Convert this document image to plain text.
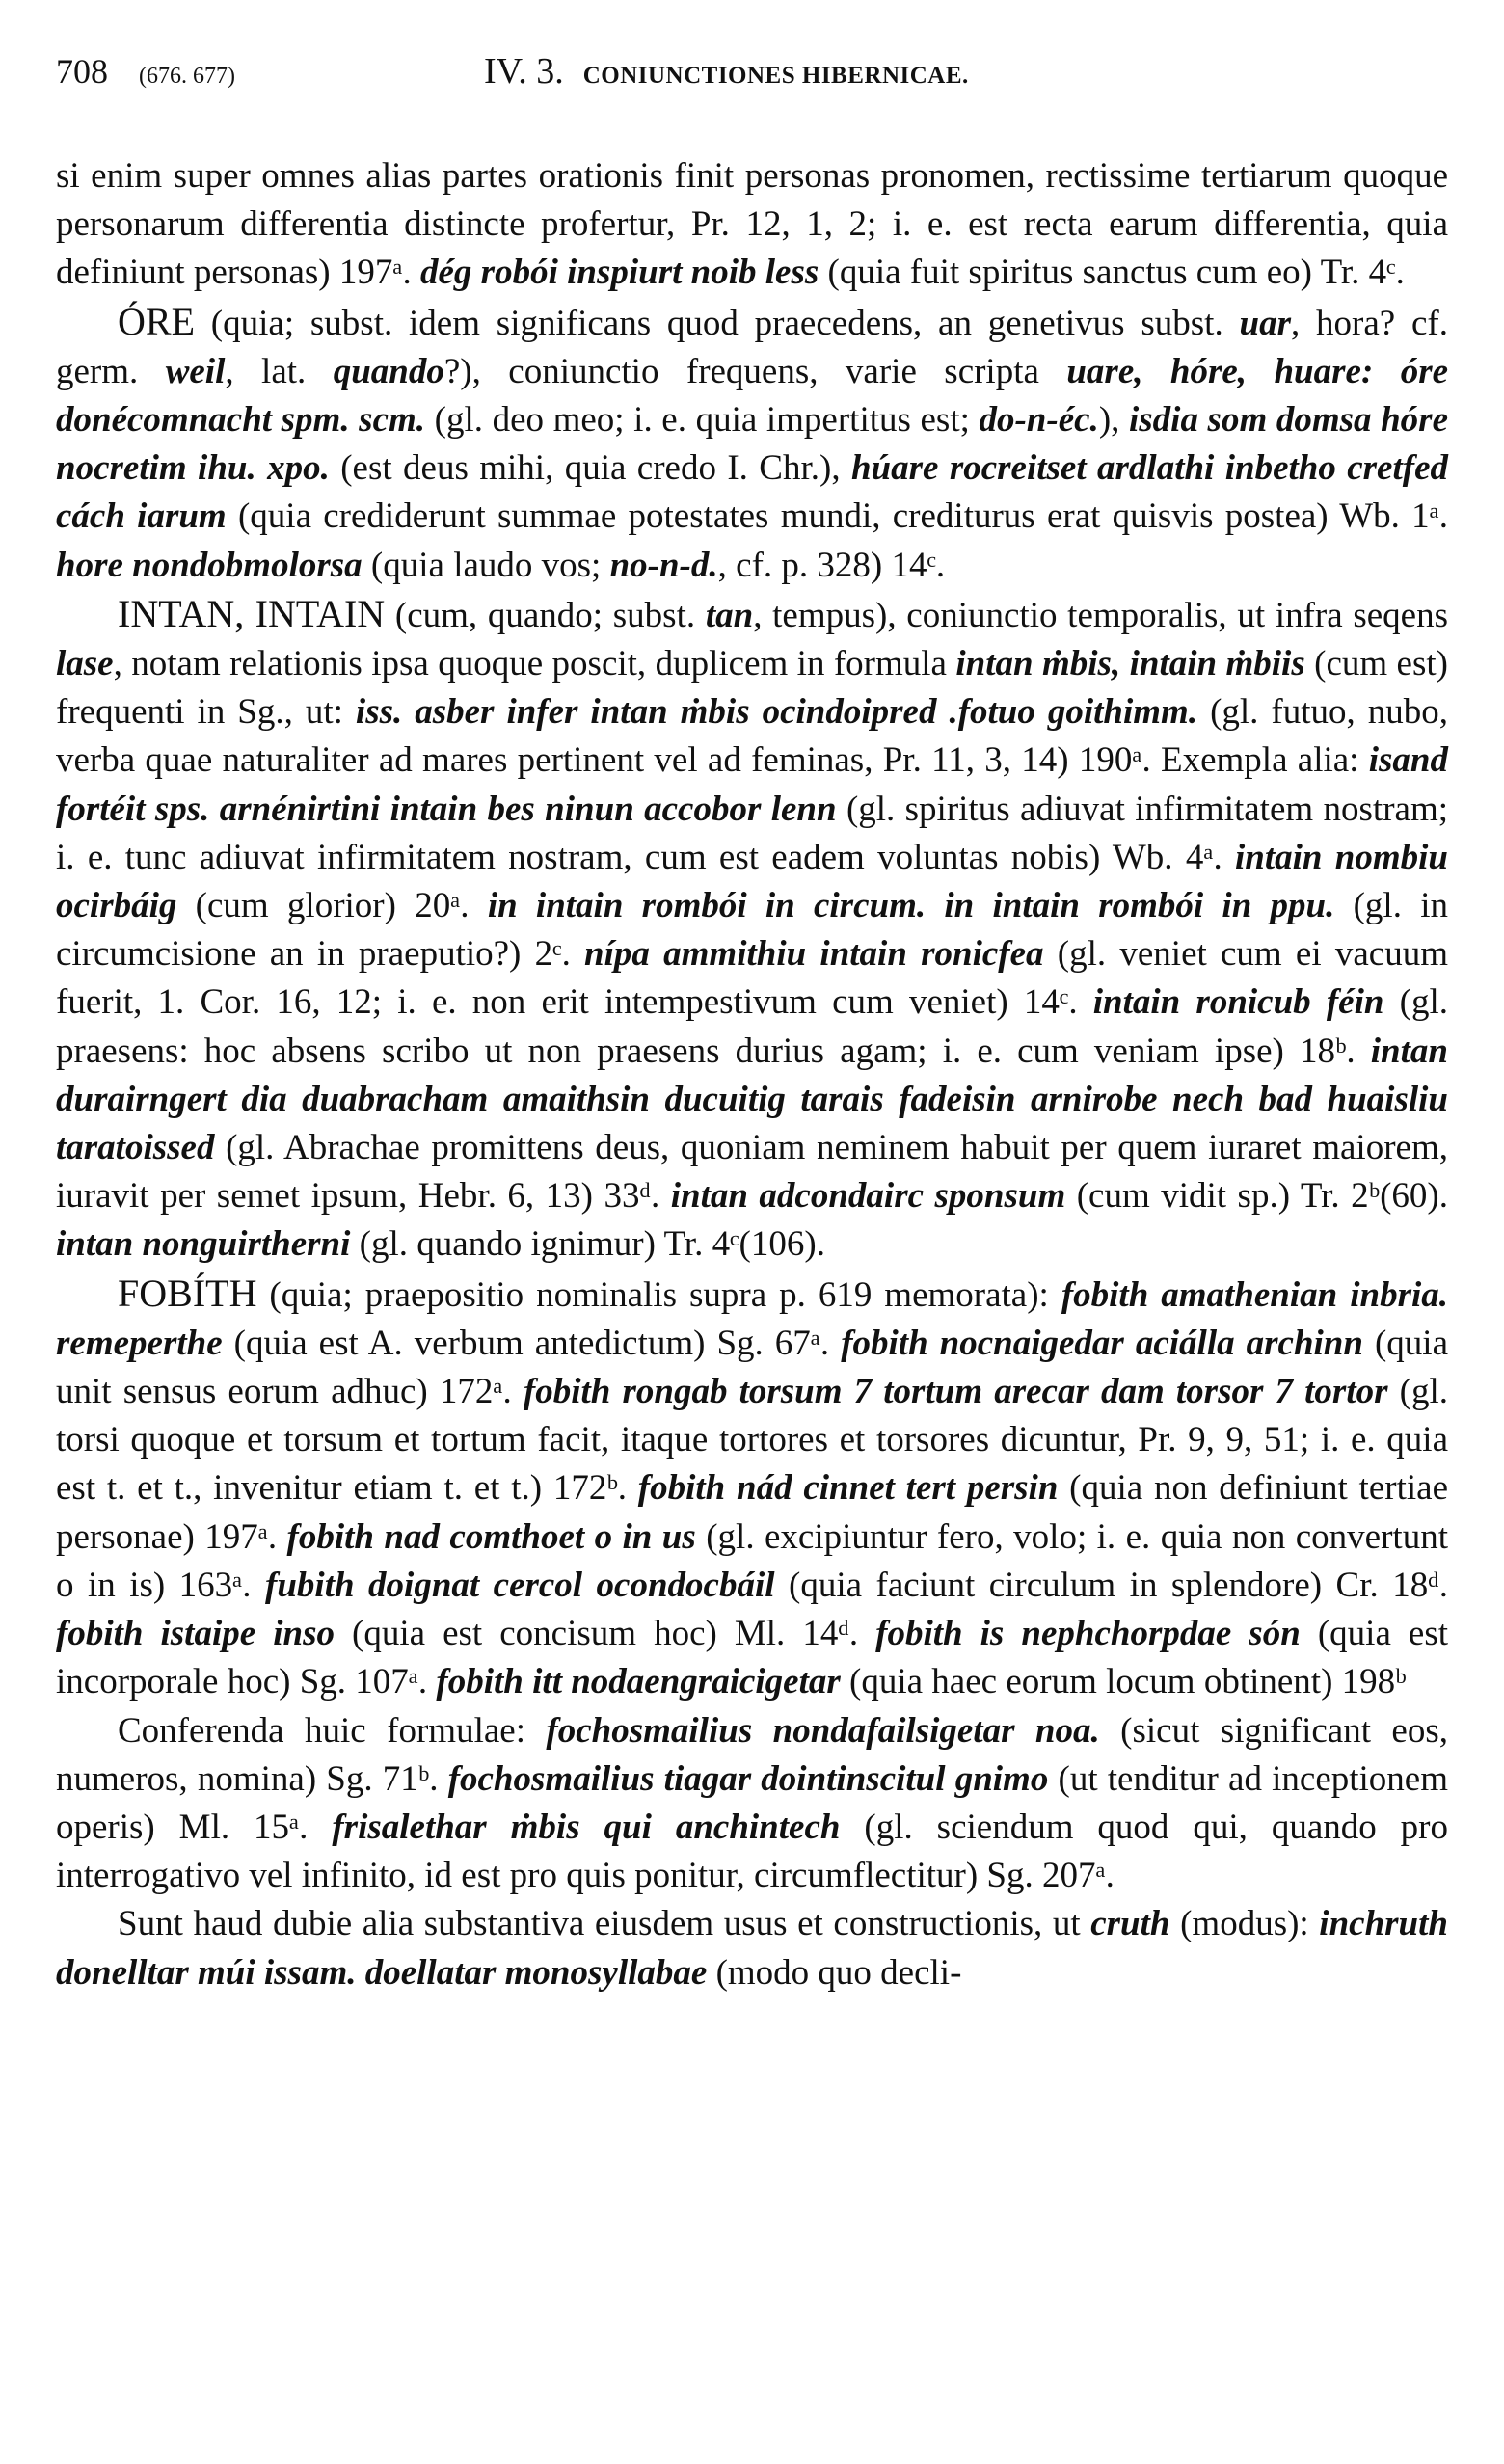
708	(676. 677)	IV. 3. CONIUNCTIONES HIBERNICAE.

si enim super omnes alias partes orationis finit personas pronomen, rectissime tertiarum quoque personarum differentia distincte profertur, Pr. 12, 1, 2; i. e. est recta earum differentia, quia definiunt personas) 197ᵃ. dég robói inspiurt noib less (quia fuit spiritus sanctus cum eo) Tr. 4ᶜ.

ÓRE (quia; subst. idem significans quod praecedens, an genetivus subst. uar, hora? cf. germ. weil, lat. quando?), coniunctio frequens, varie scripta uare, hóre, huare: óre donécomnacht spm. scm. (gl. deo meo; i. e. quia impertitus est; do-n-éc.), isdia som domsa hóre nocretim ihu. xpo. (est deus mihi, quia credo I. Chr.), húare rocreitset ardlathi inbetho cretfed cách iarum (quia crediderunt summae potestates mundi, crediturus erat quisvis postea) Wb. 1ᵃ. hore nondobmolorsa (quia laudo vos; no-n-d., cf. p. 328) 14ᶜ.

INTAN, INTAIN (cum, quando; subst. tan, tempus), coniunctio temporalis, ut infra seqens lase, notam relationis ipsa quoque poscit, duplicem in formula intan ṁbis, intain ṁbiis (cum est) frequenti in Sg., ut: iss. asber infer intan ṁbis ocindoipred .fotuo goithimm. (gl. futuo, nubo, verba quae naturaliter ad mares pertinent vel ad feminas, Pr. 11, 3, 14) 190ᵃ. Exempla alia: isand fortéit sps. arnénirtini intain bes ninun accobor lenn (gl. spiritus adiuvat infirmitatem nostram; i. e. tunc adiuvat infirmitatem nostram, cum est eadem voluntas nobis) Wb. 4ᵃ. intain nombiu ocirbáig (cum glorior) 20ᵃ. in intain rombói in circum. in intain rombói in ppu. (gl. in circumcisione an in praeputio?) 2ᶜ. nípa ammithiu intain ronicfea (gl. veniet cum ei vacuum fuerit, 1. Cor. 16, 12; i. e. non erit intempestivum cum veniet) 14ᶜ. intain ronicub féin (gl. praesens: hoc absens scribo ut non praesens durius agam; i. e. cum veniam ipse) 18ᵇ. intan durairngert dia duabracham amaithsin ducuitig tarais fadeisin arnirobe nech bad huaisliu taratoissed (gl. Abrachae promittens deus, quoniam neminem habuit per quem iuraret maiorem, iuravit per semet ipsum, Hebr. 6, 13) 33ᵈ. intan adcondairc sponsum (cum vidit sp.) Tr. 2ᵇ(60). intan nonguirtherni (gl. quando ignimur) Tr. 4ᶜ(106).

FOBÍTH (quia; praepositio nominalis supra p. 619 memorata): fobith amathenian inbria. remeperthe (quia est A. verbum antedictum) Sg. 67ᵃ. fobith nocnaigedar aciálla archinn (quia unit sensus eorum adhuc) 172ᵃ. fobith rongab torsum 7 tortum arecar dam torsor 7 tortor (gl. torsi quoque et torsum et tortum facit, itaque tortores et torsores dicuntur, Pr. 9, 9, 51; i. e. quia est t. et t., invenitur etiam t. et t.) 172ᵇ. fobith nád cinnet tert persin (quia non definiunt tertiae personae) 197ᵃ. fobith nad comthoet o in us (gl. excipiuntur fero, volo; i. e. quia non convertunt o in is) 163ᵃ. fubith doignat cercol ocondocbáil (quia faciunt circulum in splendore) Cr. 18ᵈ. fobith istaipe inso (quia est concisum hoc) Ml. 14ᵈ. fobith is nephchorpdae són (quia est incorporale hoc) Sg. 107ᵃ. fobith itt nodaengraicigetar (quia haec eorum locum obtinent) 198ᵇ

Conferenda huic formulae: fochosmailius nondafailsigetar noa. (sicut significant eos, numeros, nomina) Sg. 71ᵇ. fochosmailius tiagar dointinscitul gnimo (ut tenditur ad inceptionem operis) Ml. 15ᵃ. frisalethar ṁbis qui anchintech (gl. sciendum quod qui, quando pro interrogativo vel infinito, id est pro quis ponitur, circumflectitur) Sg. 207ᵃ.

Sunt haud dubie alia substantiva eiusdem usus et constructionis, ut cruth (modus): inchruth donelltar múi issam. doellatar monosyllabae (modo quo decli-
